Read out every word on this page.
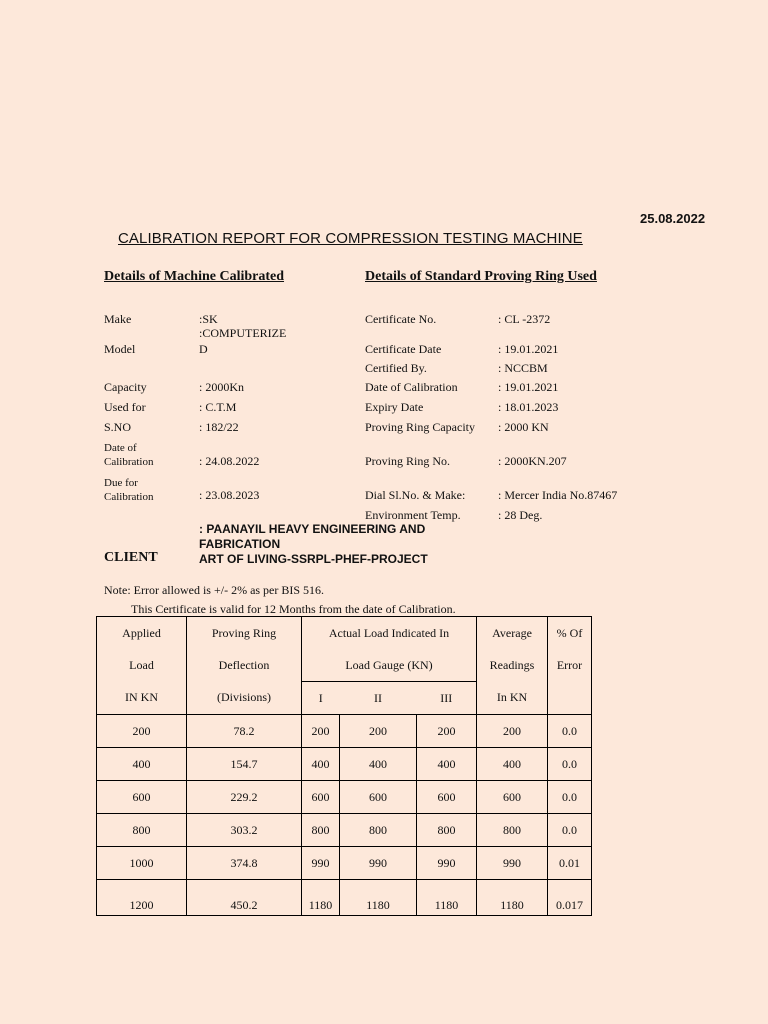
25.08.2022
CALIBRATION REPORT FOR COMPRESSION TESTING MACHINE
Details of Machine Calibrated	Details of Standard Proving Ring Used
Make	:SK
:COMPUTERIZE
Model	D
Capacity	: 2000Kn
Used for	: C.T.M
S.NO	: 182/22
Date of
Calibration	: 24.08.2022
Due for
Calibration	: 23.08.2023
Certificate No.	: CL -2372
Certificate Date	: 19.01.2021
Certified By.	: NCCBM
Date of Calibration	: 19.01.2021
Expiry Date	: 18.01.2023
Proving Ring Capacity : 2000 KN
Proving Ring No.	: 2000KN.207
Dial Sl.No. & Make:	: Mercer India No.87467
Environment Temp.	: 28 Deg.
: PAANAYIL HEAVY ENGINEERING AND
FABRICATION
CLIENT	ART OF LIVING-SSRPL-PHEF-PROJECT
Note: Error allowed is +/- 2% as per BIS 516.
This Certificate is valid for 12 Months from the date of Calibration.
Applied	Proving Ring	Actual Load Indicated In			Average	% Of
Load	Deflection	Load Gauge (KN)			Readings	Error
IN KN	(Divisions)	I	II	III	In KN	
200	78.2	200	200	200	200	0.0
400	154.7	400	400	400	400	0.0
600	229.2	600	600	600	600	0.0
800	303.2	800	800	800	800	0.0
1000	374.8	990	990	990	990	0.01
1200	450.2	1180	1180	1180	1180	0.017
